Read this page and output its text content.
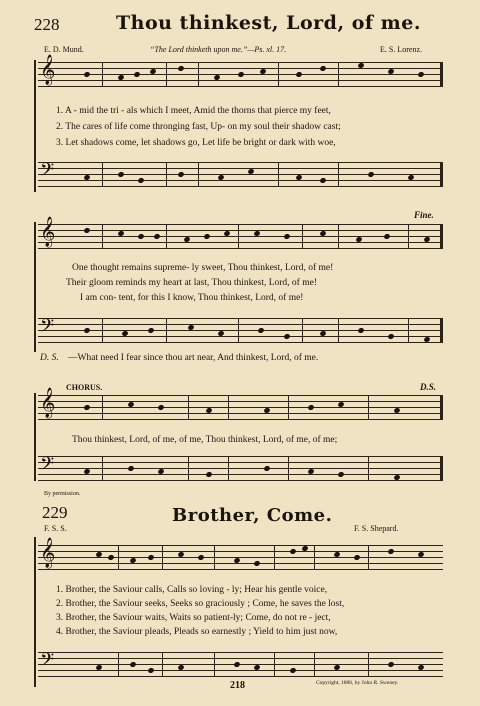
228	Thou thinkest, Lord, of me.
E. D. Mund.	“The Lord thinketh upon me.”—Ps. xl. 17.	E. S. Lorenz.
𝄞
1. A - mid the tri - als which I meet, Amid the thorns that pierce my feet,
2. The cares of life come thronging fast, Up- on my soul their shadow cast;
3. Let shadows come, let shadows go, Let life be bright or dark with woe,
𝄢
Fine.
𝄞
One thought remains supreme- ly sweet, Thou thinkest, Lord, of me!
Their gloom reminds my heart at last, Thou thinkest, Lord, of me!
I am con- tent, for this I know, Thou thinkest, Lord, of me!
𝄢
D. S. —What need I fear since thou art near, And thinkest, Lord, of me.
CHORUS.	D.S.
𝄞
Thou thinkest, Lord, of me, of me, Thou thinkest, Lord, of me, of me;
𝄢
By permission.
229	Brother, Come.
F. S. S.	F. S. Shepard.
𝄞
1. Brother, the Saviour calls, Calls so loving - ly; Hear his gentle voice,
2. Brother, the Saviour seeks, Seeks so graciously ; Come, he saves the lost,
3. Brother, the Saviour waits, Waits so patient-ly; Come, do not re - ject,
4. Brother, the Saviour pleads, Pleads so earnestly ; Yield to him just now,
𝄢
Copyright, 1886, by John R. Sweney.
218
